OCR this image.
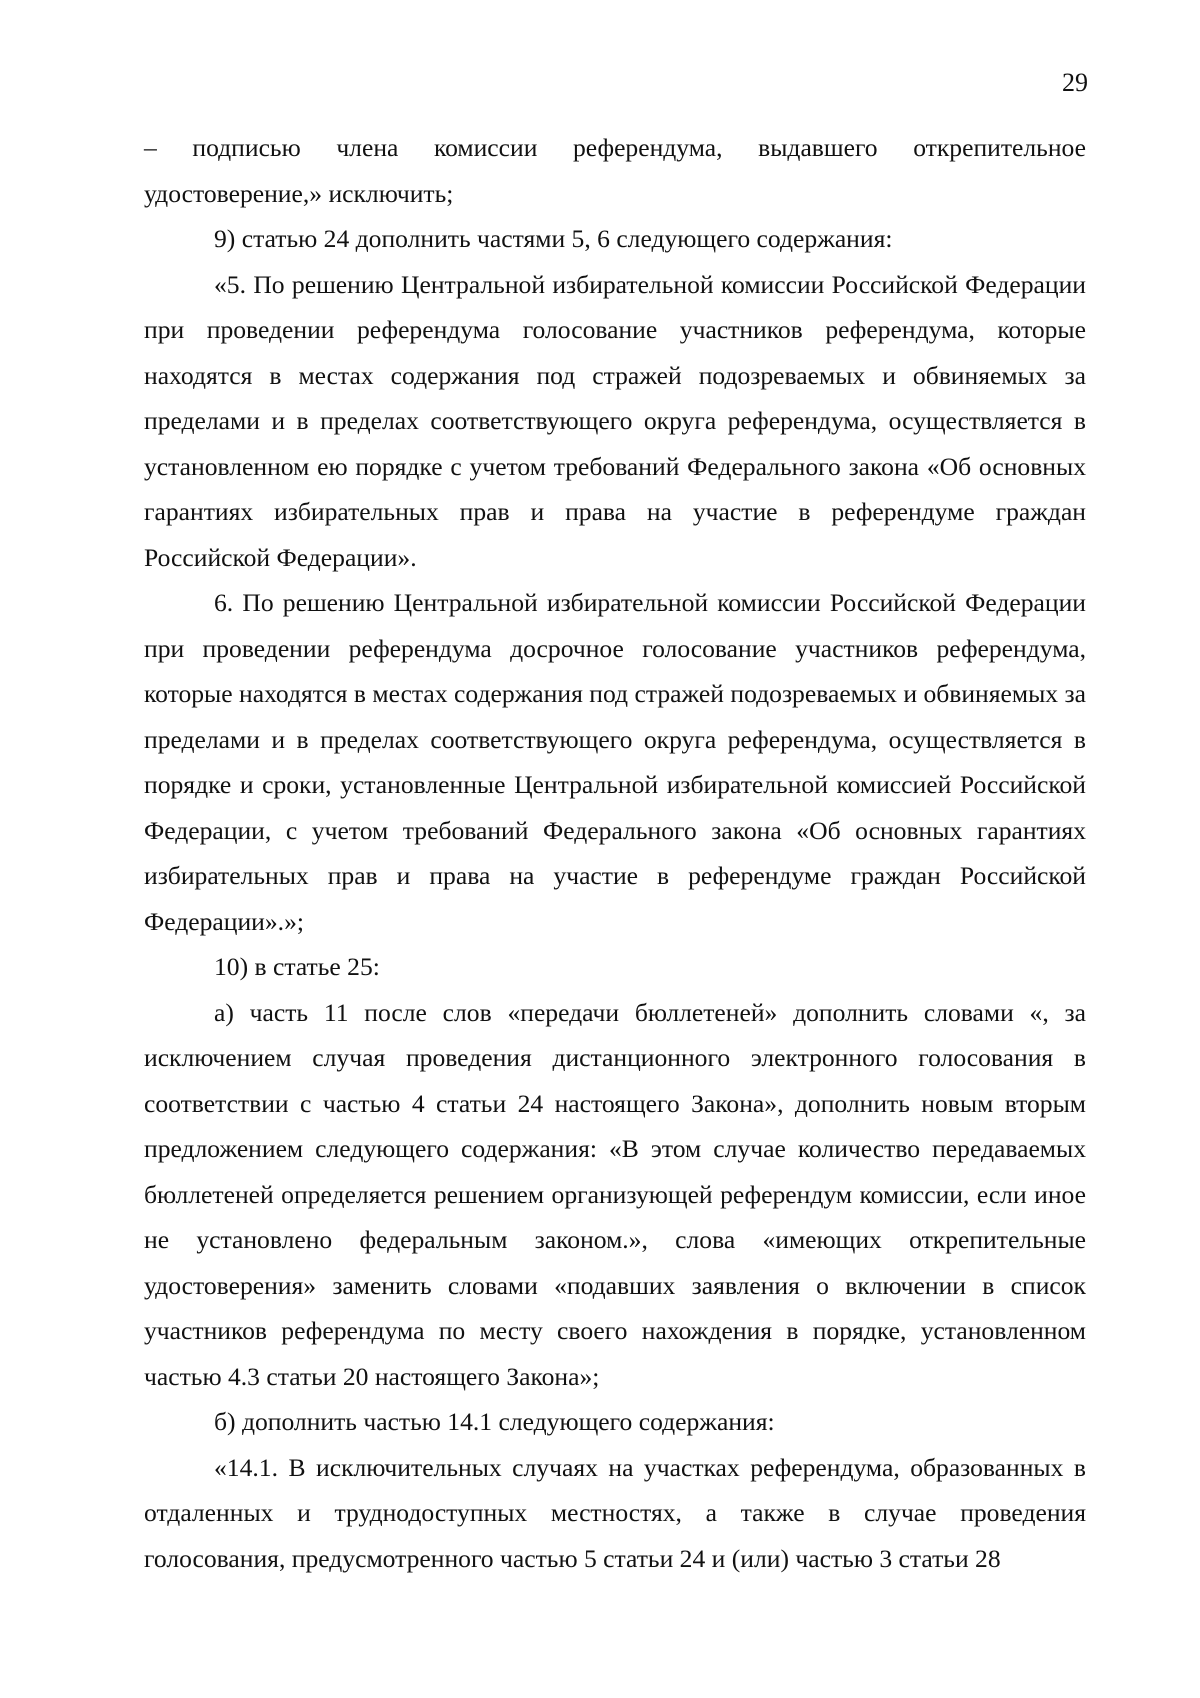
29

– подписью члена комиссии референдума, выдавшего открепительное удостоверение,» исключить;

9) статью 24 дополнить частями 5, 6 следующего содержания:

«5. По решению Центральной избирательной комиссии Российской Федерации при проведении референдума голосование участников референдума, которые находятся в местах содержания под стражей подозреваемых и обвиняемых за пределами и в пределах соответствующего округа референдума, осуществляется в установленном ею порядке с учетом требований Федерального закона «Об основных гарантиях избирательных прав и права на участие в референдуме граждан Российской Федерации».

6. По решению Центральной избирательной комиссии Российской Федерации при проведении референдума досрочное голосование участников референдума, которые находятся в местах содержания под стражей подозреваемых и обвиняемых за пределами и в пределах соответствующего округа референдума, осуществляется в порядке и сроки, установленные Центральной избирательной комиссией Российской Федерации, с учетом требований Федерального закона «Об основных гарантиях избирательных прав и права на участие в референдуме граждан Российской Федерации».»;

10) в статье 25:

а) часть 11 после слов «передачи бюллетеней» дополнить словами «, за исключением случая проведения дистанционного электронного голосования в соответствии с частью 4 статьи 24 настоящего Закона», дополнить новым вторым предложением следующего содержания: «В этом случае количество передаваемых бюллетеней определяется решением организующей референдум комиссии, если иное не установлено федеральным законом.», слова «имеющих открепительные удостоверения» заменить словами «подавших заявления о включении в список участников референдума по месту своего нахождения в порядке, установленном частью 4.3 статьи 20 настоящего Закона»;

б) дополнить частью 14.1 следующего содержания:

«14.1. В исключительных случаях на участках референдума, образованных в отдаленных и труднодоступных местностях, а также в случае проведения голосования, предусмотренного частью 5 статьи 24 и (или) частью 3 статьи 28
